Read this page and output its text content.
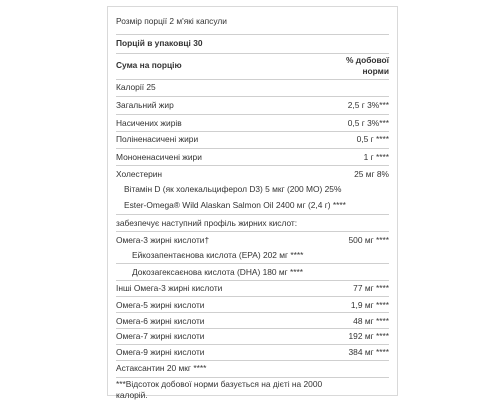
Розмір порції 2 м'які капсули
Порцій в упаковці 30
Сума на порцію	% добової
норми
Калорії 25
Загальний жир	2,5 г 3%***
Насичених жирів	0,5 г 3%***
Поліненасичені жири	0,5 г ****
Мононенасичені жири	1 г ****
Холестерин	25 мг 8%
Вітамін D (як холекальциферол D3) 5 мкг (200 МО) 25%
Ester-Omega® Wild Alaskan Salmon Oil 2400 мг (2,4 г) ****
забезпечує наступний профіль жирних кислот:
Омега-3 жирні кислоти†	500 мг ****
Ейкозапентаєнова кислота (EPA) 202 мг ****
Докозагексаєнова кислота (DHA) 180 мг ****
Інші Омега-3 жирні кислоти	77 мг ****
Омега-5 жирні кислоти	1,9 мг ****
Омега-6 жирні кислоти	48 мг ****
Омега-7 жирні кислоти	192 мг ****
Омега-9 жирні кислоти	384 мг ****
Астаксантин 20 мкг ****
***Відсоток добової норми базується на дієті на 2000
калорій.
